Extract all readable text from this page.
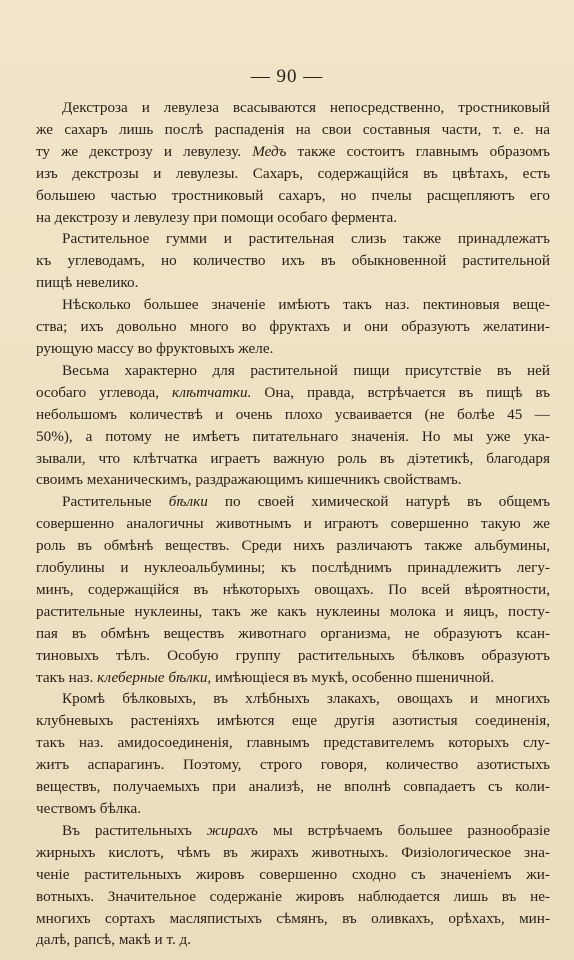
— 90 —
Декстроза и левулеза всасываются непосредственно, тростниковый
же сахаръ лишь послѣ распаденія на свои составныя части, т. е. на
ту же декстрозу и левулезу. Медъ также состоитъ главнымъ образомъ
изъ декстрозы и левулезы. Сахаръ, содержащійся въ цвѣтахъ, есть
большею частью тростниковый сахаръ, но пчелы расщепляютъ его
на декстрозу и левулезу при помощи особаго фермента.
Растительное гумми и растительная слизь также принадлежатъ
къ углеводамъ, но количество ихъ въ обыкновенной растительной
пищѣ невелико.
Нѣсколько большее значеніе имѣютъ такъ наз. пектиновыя веще-
ства; ихъ довольно много во фруктахъ и они образуютъ желатини-
рующую массу во фруктовыхъ желе.
Весьма характерно для растительной пищи присутствіе въ ней
особаго углевода, клѣтчатки. Она, правда, встрѣчается въ пищѣ въ
небольшомъ количествѣ и очень плохо усваивается (не болѣе 45 —
50%), а потому не имѣетъ питательнаго значенія. Но мы уже ука-
зывали, что клѣтчатка играетъ важную роль въ діэтетикѣ, благодаря
своимъ механическимъ, раздражающимъ кишечникъ свойствамъ.
Растительные бѣлки по своей химической натурѣ въ общемъ
совершенно аналогичны животнымъ и играютъ совершенно такую же
роль въ обмѣнѣ веществъ. Среди нихъ различаютъ также альбумины,
глобулины и нуклеоальбумины; къ послѣднимъ принадлежитъ легу-
минъ, содержащійся въ нѣкоторыхъ овощахъ. По всей вѣроятности,
растительные нуклеины, такъ же какъ нуклеины молока и яицъ, посту-
пая въ обмѣнъ веществъ животнаго организма, не образуютъ ксан-
тиновыхъ тѣлъ. Особую группу растительныхъ бѣлковъ образуютъ
такъ наз. клеберные бѣлки, имѣющіеся въ мукѣ, особенно пшеничной.
Кромѣ бѣлковыхъ, въ хлѣбныхъ злакахъ, овощахъ и многихъ
клубневыхъ растеніяхъ имѣются еще другія азотистыя соединенія,
такъ наз. амидосоединенія, главнымъ представителемъ которыхъ слу-
житъ аспарагинъ. Поэтому, строго говоря, количество азотистыхъ
веществъ, получаемыхъ при анализѣ, не вполнѣ совпадаетъ съ коли-
чествомъ бѣлка.
Въ растительныхъ жирахъ мы встрѣчаемъ большее разнообразіе
жирныхъ кислотъ, чѣмъ въ жирахъ животныхъ. Физіологическое зна-
ченіе растительныхъ жировъ совершенно сходно съ значеніемъ жи-
вотныхъ. Значительное содержаніе жировъ наблюдается лишь въ не-
многихъ сортахъ масляпистыхъ сѣмянъ, въ оливкахъ, орѣхахъ, мин-
далѣ, рапсѣ, макѣ и т. д.
